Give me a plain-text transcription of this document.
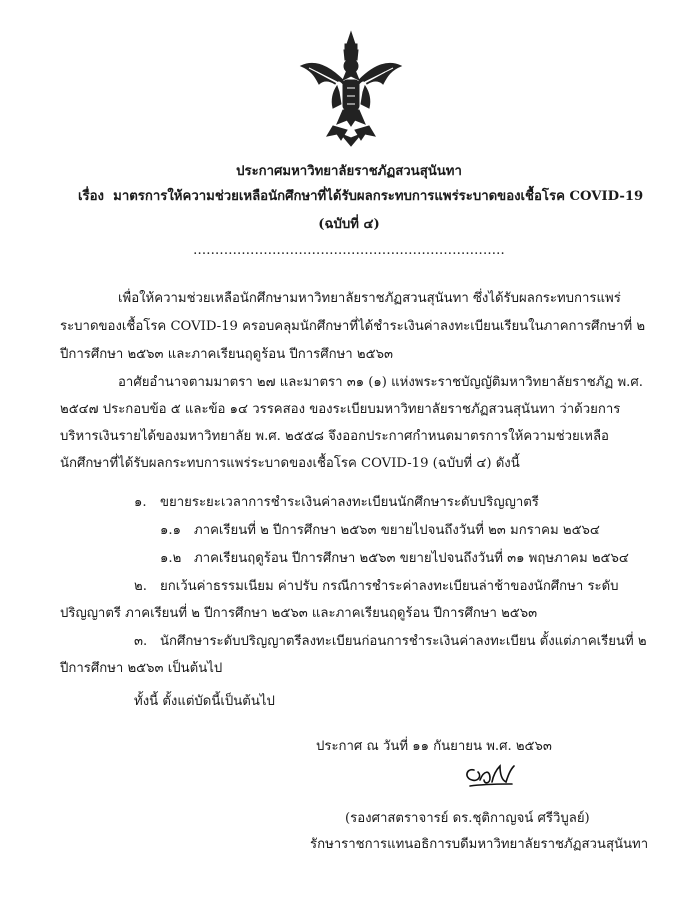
ประกาศมหาวิทยาลัยราชภัฏสวนสุนันทา
เรื่อง มาตรการให้ความช่วยเหลือนักศึกษาที่ได้รับผลกระทบการแพร่ระบาดของเชื้อโรค COVID-19
(ฉบับที่ ๔)
.......................................................................
เพื่อให้ความช่วยเหลือนักศึกษามหาวิทยาลัยราชภัฏสวนสุนันทา ซึ่งได้รับผลกระทบการแพร่
ระบาดของเชื้อโรค COVID-19 ครอบคลุมนักศึกษาที่ได้ชำระเงินค่าลงทะเบียนเรียนในภาคการศึกษาที่ ๒
ปีการศึกษา ๒๕๖๓ และภาคเรียนฤดูร้อน ปีการศึกษา ๒๕๖๓
อาศัยอำนาจตามมาตรา ๒๗ และมาตรา ๓๑ (๑) แห่งพระราชบัญญัติมหาวิทยาลัยราชภัฏ พ.ศ.
๒๕๔๗ ประกอบข้อ ๕ และข้อ ๑๔ วรรคสอง ของระเบียบมหาวิทยาลัยราชภัฏสวนสุนันทา ว่าด้วยการ
บริหารเงินรายได้ของมหาวิทยาลัย พ.ศ. ๒๕๕๘ จึงออกประกาศกำหนดมาตรการให้ความช่วยเหลือ
นักศึกษาที่ได้รับผลกระทบการแพร่ระบาดของเชื้อโรค COVID-19 (ฉบับที่ ๔) ดังนี้
๑. ขยายระยะเวลาการชำระเงินค่าลงทะเบียนนักศึกษาระดับปริญญาตรี
๑.๑ ภาคเรียนที่ ๒ ปีการศึกษา ๒๕๖๓ ขยายไปจนถึงวันที่ ๒๓ มกราคม ๒๕๖๔
๑.๒ ภาคเรียนฤดูร้อน ปีการศึกษา ๒๕๖๓ ขยายไปจนถึงวันที่ ๓๑ พฤษภาคม ๒๕๖๔
๒. ยกเว้นค่าธรรมเนียม ค่าปรับ กรณีการชำระค่าลงทะเบียนล่าช้าของนักศึกษา ระดับ
ปริญญาตรี ภาคเรียนที่ ๒ ปีการศึกษา ๒๕๖๓ และภาคเรียนฤดูร้อน ปีการศึกษา ๒๕๖๓
๓. นักศึกษาระดับปริญญาตรีลงทะเบียนก่อนการชำระเงินค่าลงทะเบียน ตั้งแต่ภาคเรียนที่ ๒
ปีการศึกษา ๒๕๖๓ เป็นต้นไป
ทั้งนี้ ตั้งแต่บัดนี้เป็นต้นไป
ประกาศ ณ วันที่ ๑๑ กันยายน พ.ศ. ๒๕๖๓
(รองศาสตราจารย์ ดร.ชุติกาญจน์ ศรีวิบูลย์)
รักษาราชการแทนอธิการบดีมหาวิทยาลัยราชภัฏสวนสุนันทา
